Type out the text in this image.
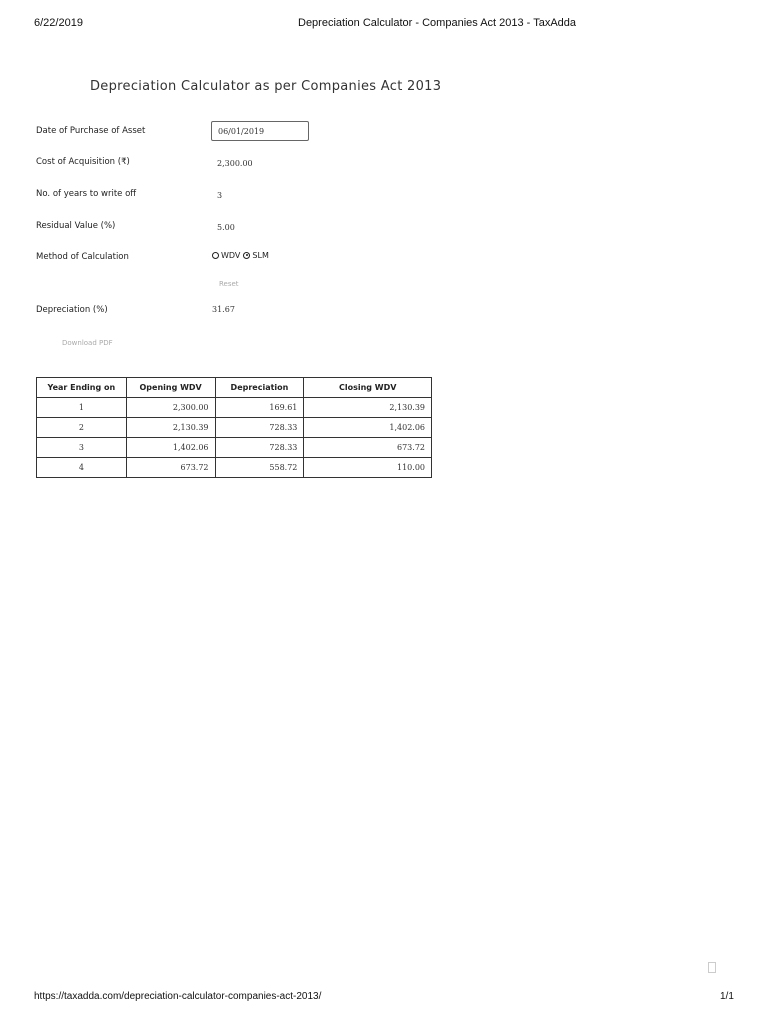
6/22/2019	Depreciation Calculator - Companies Act 2013 - TaxAdda
Depreciation Calculator as per Companies Act 2013
Date of Purchase of Asset	06/01/2019
Cost of Acquisition (₹)	2,300.00
No. of years to write off	3
Residual Value (%)	5.00
Method of Calculation	WDV SLM
Reset
Depreciation (%)	31.67
Download PDF
Year Ending on	Opening WDV	Depreciation	Closing WDV
1	2,300.00	169.61	2,130.39
2	2,130.39	728.33	1,402.06
3	1,402.06	728.33	673.72
4	673.72	558.72	110.00
https://taxadda.com/depreciation-calculator-companies-act-2013/	1/1
